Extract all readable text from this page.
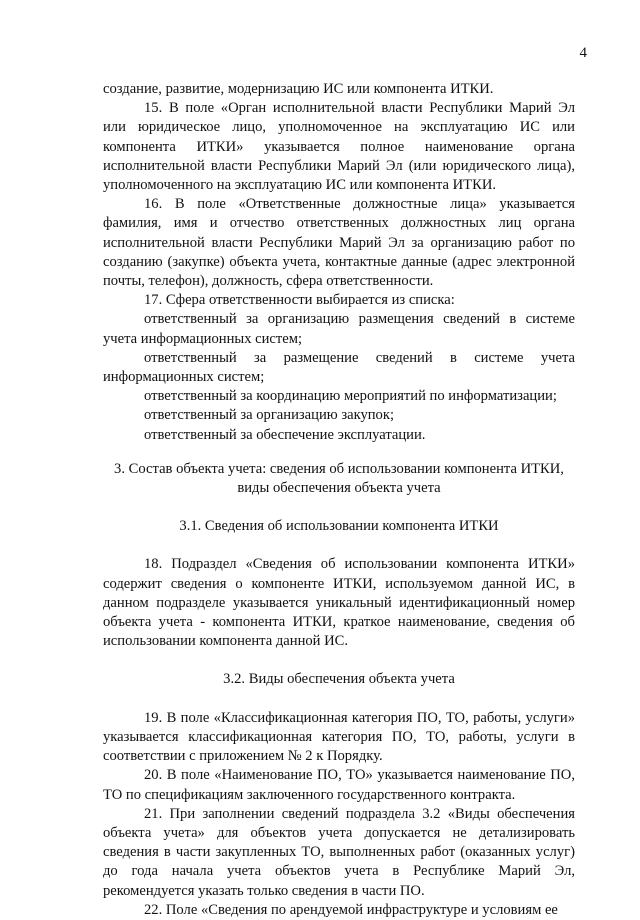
4

создание, развитие, модернизацию ИС или компонента ИТКИ.

15. В поле «Орган исполнительной власти Республики Марий Эл или юридическое лицо, уполномоченное на эксплуатацию ИС или компонента ИТКИ» указывается полное наименование органа исполнительной власти Республики Марий Эл (или юридического лица), уполномоченного на эксплуатацию ИС или компонента ИТКИ.

16. В поле «Ответственные должностные лица» указывается фамилия, имя и отчество ответственных должностных лиц органа исполнительной власти Республики Марий Эл за организацию работ по созданию (закупке) объекта учета, контактные данные (адрес электронной почты, телефон), должность, сфера ответственности.

17. Сфера ответственности выбирается из списка:

ответственный за организацию размещения сведений в системе учета информационных систем;

ответственный за размещение сведений в системе учета информационных систем;

ответственный за координацию мероприятий по информатизации;

ответственный за организацию закупок;

ответственный за обеспечение эксплуатации.

3. Состав объекта учета: сведения об использовании компонента ИТКИ,

виды обеспечения объекта учета

3.1. Сведения об использовании компонента ИТКИ

18. Подраздел «Сведения об использовании компонента ИТКИ» содержит сведения о компоненте ИТКИ, используемом данной ИС, в данном подразделе указывается уникальный идентификационный номер объекта учета - компонента ИТКИ, краткое наименование, сведения об использовании компонента данной ИС.

3.2. Виды обеспечения объекта учета

19. В поле «Классификационная категория ПО, ТО, работы, услуги» указывается классификационная категория ПО, ТО, работы, услуги в соответствии с приложением № 2 к Порядку.

20. В поле «Наименование ПО, ТО» указывается наименование ПО, ТО по спецификациям заключенного государственного контракта.

21. При заполнении сведений подраздела 3.2 «Виды обеспечения объекта учета» для объектов учета допускается не детализировать сведения в части закупленных ТО, выполненных работ (оказанных услуг) до года начала учета объектов учета в Республике Марий Эл, рекомендуется указать только сведения в части ПО.

22. Поле «Сведения по арендуемой инфраструктуре и условиям ее
